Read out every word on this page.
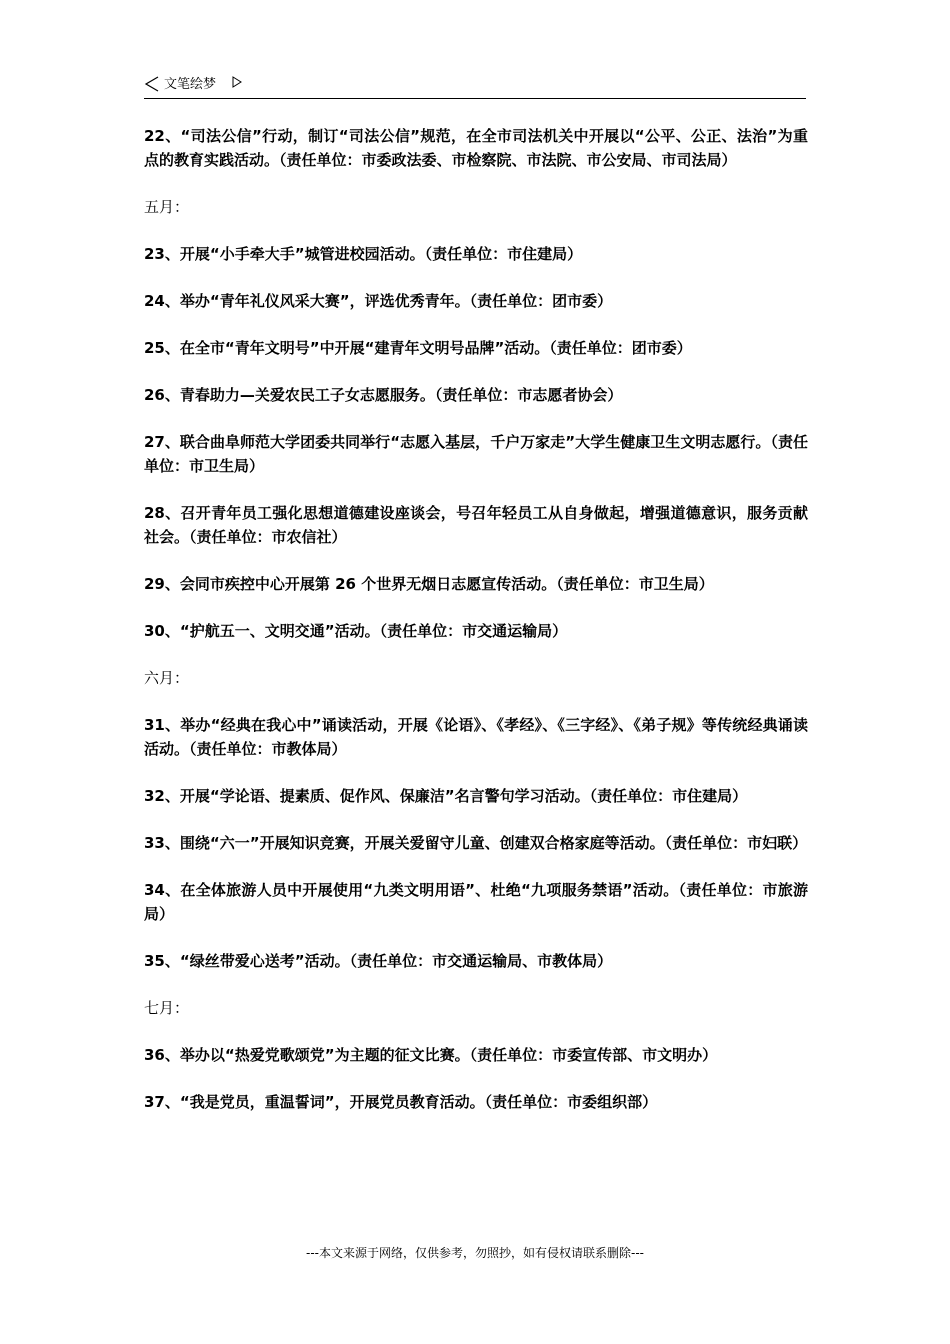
文笔绘梦

22、“司法公信”行动，制订“司法公信”规范，在全市司法机关中开展以“公平、公正、法治”为重点的教育实践活动。（责任单位：市委政法委、市检察院、市法院、市公安局、市司法局）

五月：

23、开展“小手牵大手”城管进校园活动。（责任单位：市住建局）

24、举办“青年礼仪风采大赛”，评选优秀青年。（责任单位：团市委）

25、在全市“青年文明号”中开展“建青年文明号品牌”活动。（责任单位：团市委）

26、青春助力—关爱农民工子女志愿服务。（责任单位：市志愿者协会）

27、联合曲阜师范大学团委共同举行“志愿入基层，千户万家走”大学生健康卫生文明志愿行。（责任单位：市卫生局）

28、召开青年员工强化思想道德建设座谈会，号召年轻员工从自身做起，增强道德意识，服务贡献社会。（责任单位：市农信社）

29、会同市疾控中心开展第 26 个世界无烟日志愿宣传活动。（责任单位：市卫生局）

30、“护航五一、文明交通”活动。（责任单位：市交通运输局）

六月：

31、举办“经典在我心中”诵读活动，开展《论语》、《孝经》、《三字经》、《弟子规》等传统经典诵读活动。（责任单位：市教体局）

32、开展“学论语、提素质、促作风、保廉洁”名言警句学习活动。（责任单位：市住建局）

33、围绕“六一”开展知识竞赛，开展关爱留守儿童、创建双合格家庭等活动。（责任单位：市妇联）

34、在全体旅游人员中开展使用“九类文明用语”、杜绝“九项服务禁语”活动。（责任单位：市旅游局）

35、“绿丝带爱心送考”活动。（责任单位：市交通运输局、市教体局）

七月：

36、举办以“热爱党歌颂党”为主题的征文比赛。（责任单位：市委宣传部、市文明办）

37、“我是党员，重温誓词”，开展党员教育活动。（责任单位：市委组织部）

---本文来源于网络，仅供参考，勿照抄，如有侵权请联系删除---
